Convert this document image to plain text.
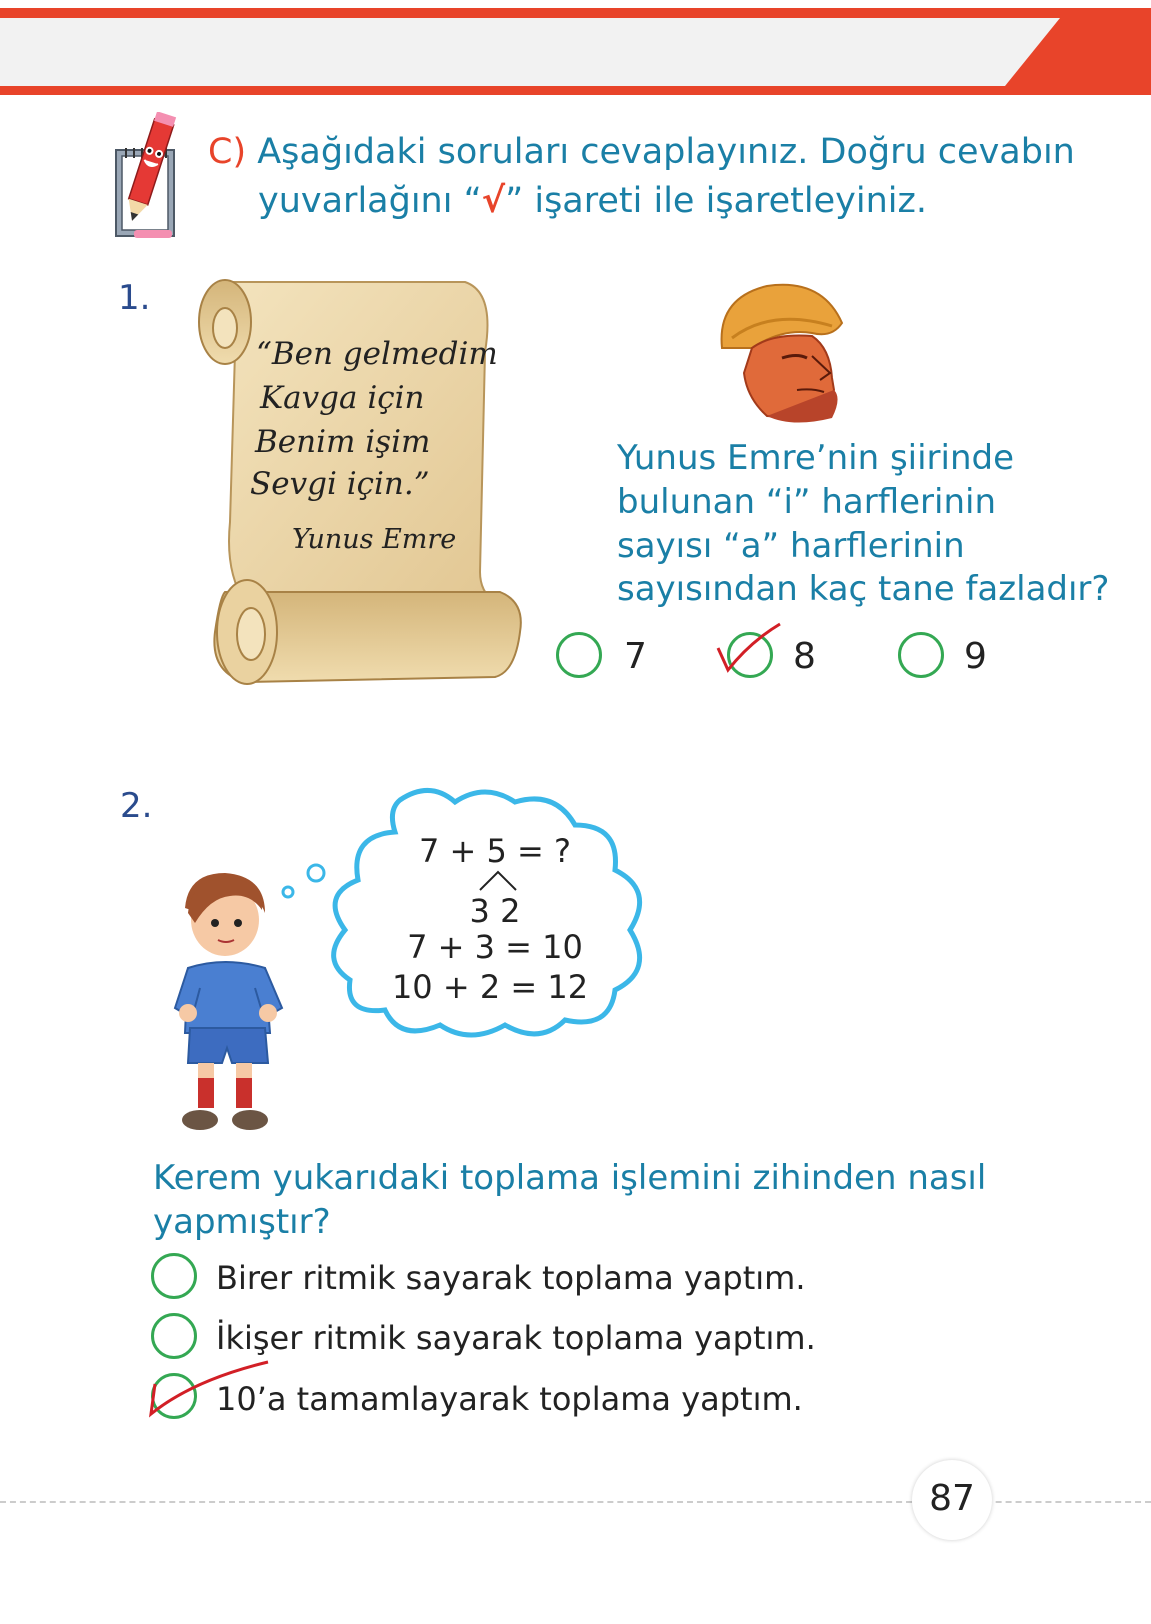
C) Aşağıdaki soruları cevaplayınız. Doğru cevabın
yuvarlağını “√” işareti ile işaretleyiniz.
1.
“Ben gelmedim
Kavga için
Benim işim
Sevgi için.”
Yunus Emre
Yunus Emre’nin şiirinde
bulunan “i” harflerinin
sayısı “a” harflerinin
sayısından kaç tane fazladır?
7	8	9
2.
7 + 5 = ?
3 2
7 + 3 = 10
10 + 2 = 12
Kerem yukarıdaki toplama işlemini zihinden nasıl
yapmıştır?
Birer ritmik sayarak toplama yaptım.
İkişer ritmik sayarak toplama yaptım.
10’a tamamlayarak toplama yaptım.
87
